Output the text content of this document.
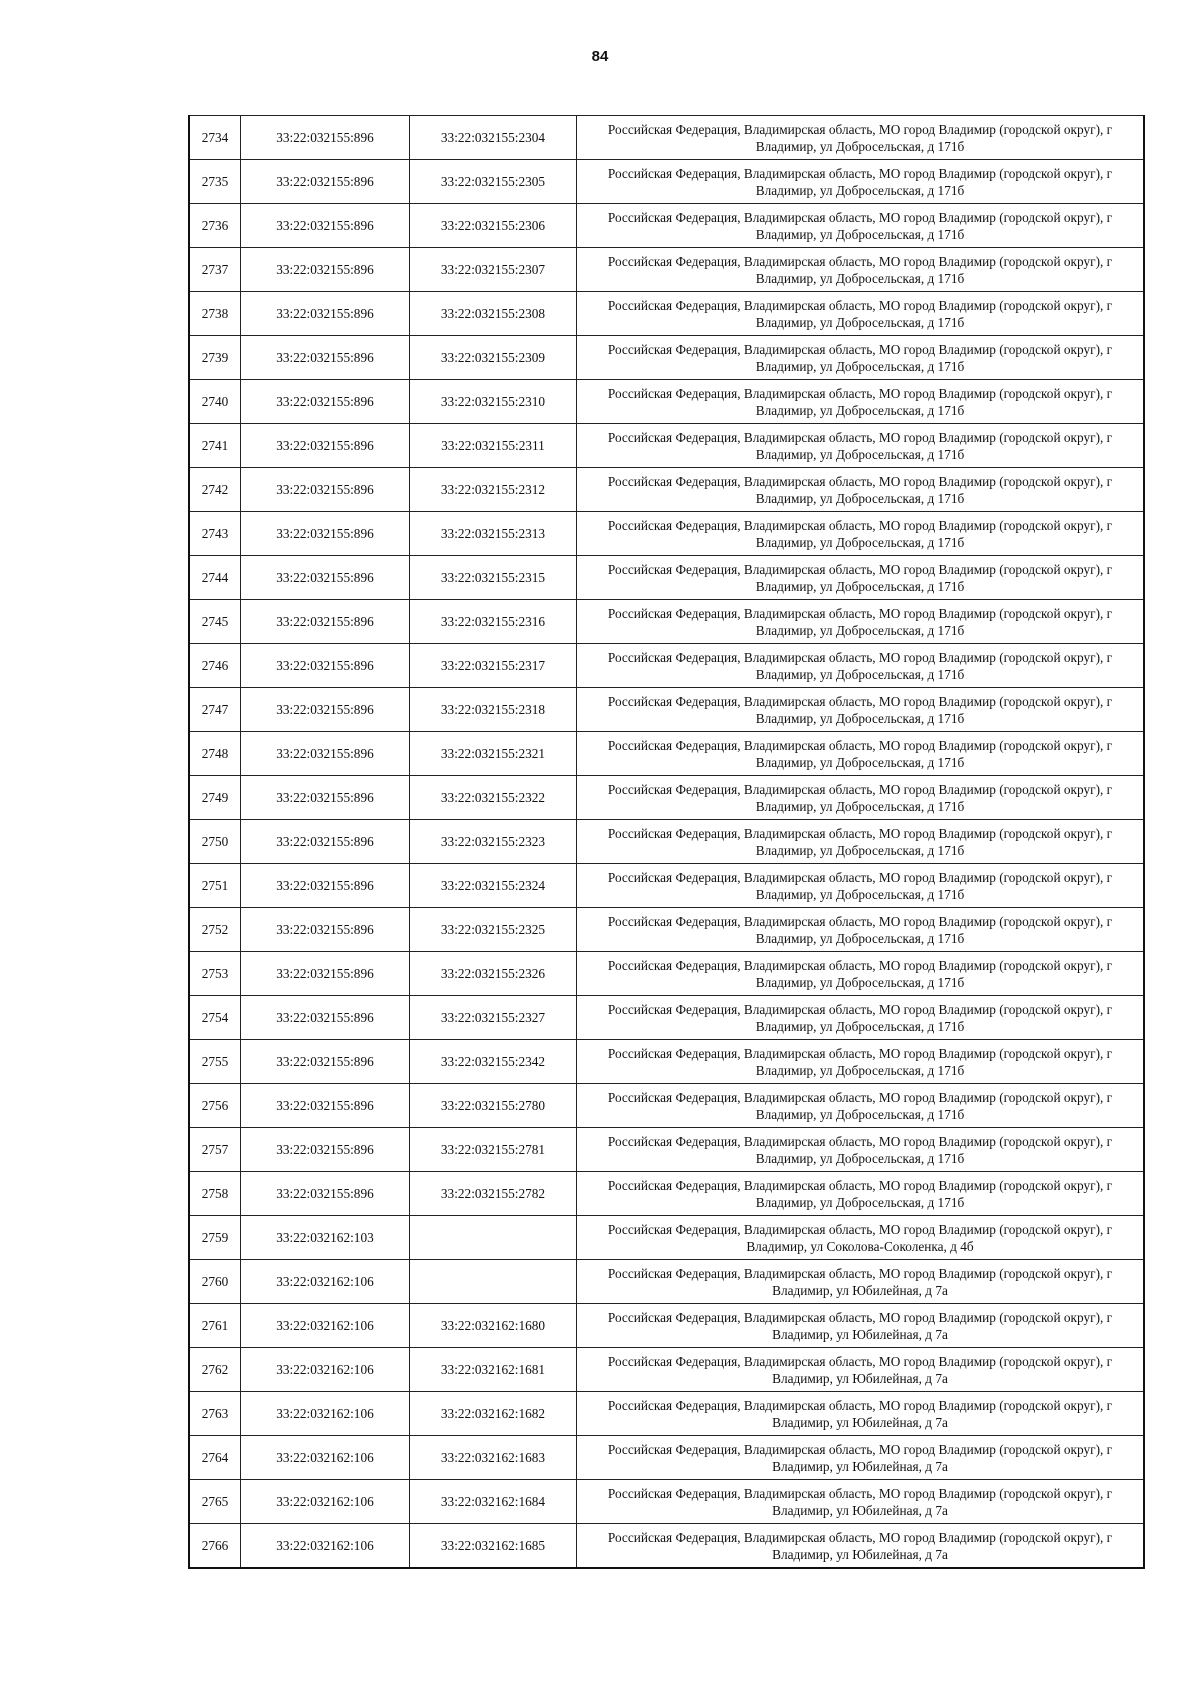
84
2734	33:22:032155:896	33:22:032155:2304	Российская Федерация, Владимирская область, МО город Владимир (городской округ), г
Владимир, ул Добросельская, д 171б

2735	33:22:032155:896	33:22:032155:2305	Российская Федерация, Владимирская область, МО город Владимир (городской округ), г
Владимир, ул Добросельская, д 171б

2736	33:22:032155:896	33:22:032155:2306	Российская Федерация, Владимирская область, МО город Владимир (городской округ), г
Владимир, ул Добросельская, д 171б

2737	33:22:032155:896	33:22:032155:2307	Российская Федерация, Владимирская область, МО город Владимир (городской округ), г
Владимир, ул Добросельская, д 171б

2738	33:22:032155:896	33:22:032155:2308	Российская Федерация, Владимирская область, МО город Владимир (городской округ), г
Владимир, ул Добросельская, д 171б

2739	33:22:032155:896	33:22:032155:2309	Российская Федерация, Владимирская область, МО город Владимир (городской округ), г
Владимир, ул Добросельская, д 171б

2740	33:22:032155:896	33:22:032155:2310	Российская Федерация, Владимирская область, МО город Владимир (городской округ), г
Владимир, ул Добросельская, д 171б

2741	33:22:032155:896	33:22:032155:2311	Российская Федерация, Владимирская область, МО город Владимир (городской округ), г
Владимир, ул Добросельская, д 171б

2742	33:22:032155:896	33:22:032155:2312	Российская Федерация, Владимирская область, МО город Владимир (городской округ), г
Владимир, ул Добросельская, д 171б

2743	33:22:032155:896	33:22:032155:2313	Российская Федерация, Владимирская область, МО город Владимир (городской округ), г
Владимир, ул Добросельская, д 171б

2744	33:22:032155:896	33:22:032155:2315	Российская Федерация, Владимирская область, МО город Владимир (городской округ), г
Владимир, ул Добросельская, д 171б

2745	33:22:032155:896	33:22:032155:2316	Российская Федерация, Владимирская область, МО город Владимир (городской округ), г
Владимир, ул Добросельская, д 171б

2746	33:22:032155:896	33:22:032155:2317	Российская Федерация, Владимирская область, МО город Владимир (городской округ), г
Владимир, ул Добросельская, д 171б

2747	33:22:032155:896	33:22:032155:2318	Российская Федерация, Владимирская область, МО город Владимир (городской округ), г
Владимир, ул Добросельская, д 171б

2748	33:22:032155:896	33:22:032155:2321	Российская Федерация, Владимирская область, МО город Владимир (городской округ), г
Владимир, ул Добросельская, д 171б

2749	33:22:032155:896	33:22:032155:2322	Российская Федерация, Владимирская область, МО город Владимир (городской округ), г
Владимир, ул Добросельская, д 171б

2750	33:22:032155:896	33:22:032155:2323	Российская Федерация, Владимирская область, МО город Владимир (городской округ), г
Владимир, ул Добросельская, д 171б

2751	33:22:032155:896	33:22:032155:2324	Российская Федерация, Владимирская область, МО город Владимир (городской округ), г
Владимир, ул Добросельская, д 171б

2752	33:22:032155:896	33:22:032155:2325	Российская Федерация, Владимирская область, МО город Владимир (городской округ), г
Владимир, ул Добросельская, д 171б

2753	33:22:032155:896	33:22:032155:2326	Российская Федерация, Владимирская область, МО город Владимир (городской округ), г
Владимир, ул Добросельская, д 171б

2754	33:22:032155:896	33:22:032155:2327	Российская Федерация, Владимирская область, МО город Владимир (городской округ), г
Владимир, ул Добросельская, д 171б

2755	33:22:032155:896	33:22:032155:2342	Российская Федерация, Владимирская область, МО город Владимир (городской округ), г
Владимир, ул Добросельская, д 171б

2756	33:22:032155:896	33:22:032155:2780	Российская Федерация, Владимирская область, МО город Владимир (городской округ), г
Владимир, ул Добросельская, д 171б

2757	33:22:032155:896	33:22:032155:2781	Российская Федерация, Владимирская область, МО город Владимир (городской округ), г
Владимир, ул Добросельская, д 171б

2758	33:22:032155:896	33:22:032155:2782	Российская Федерация, Владимирская область, МО город Владимир (городской округ), г
Владимир, ул Добросельская, д 171б

2759	33:22:032162:103		Российская Федерация, Владимирская область, МО город Владимир (городской округ), г
Владимир, ул Соколова-Соколенка, д 4б

2760	33:22:032162:106		Российская Федерация, Владимирская область, МО город Владимир (городской округ), г
Владимир, ул Юбилейная, д 7а

2761	33:22:032162:106	33:22:032162:1680	Российская Федерация, Владимирская область, МО город Владимир (городской округ), г
Владимир, ул Юбилейная, д 7а

2762	33:22:032162:106	33:22:032162:1681	Российская Федерация, Владимирская область, МО город Владимир (городской округ), г
Владимир, ул Юбилейная, д 7а

2763	33:22:032162:106	33:22:032162:1682	Российская Федерация, Владимирская область, МО город Владимир (городской округ), г
Владимир, ул Юбилейная, д 7а

2764	33:22:032162:106	33:22:032162:1683	Российская Федерация, Владимирская область, МО город Владимир (городской округ), г
Владимир, ул Юбилейная, д 7а

2765	33:22:032162:106	33:22:032162:1684	Российская Федерация, Владимирская область, МО город Владимир (городской округ), г
Владимир, ул Юбилейная, д 7а

2766	33:22:032162:106	33:22:032162:1685	Российская Федерация, Владимирская область, МО город Владимир (городской округ), г
Владимир, ул Юбилейная, д 7а
